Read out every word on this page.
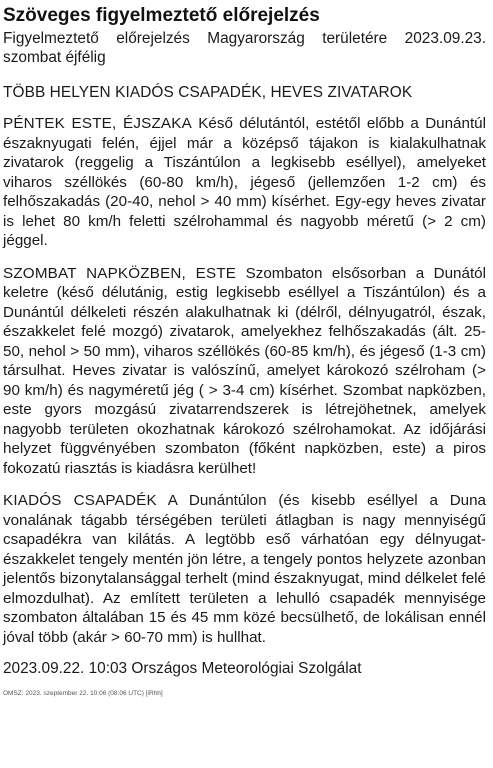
Szöveges figyelmeztető előrejelzés

Figyelmeztető előrejelzés Magyarország területére 2023.09.23. szombat éjfélig

TÖBB HELYEN KIADÓS CSAPADÉK, HEVES ZIVATAROK

PÉNTEK ESTE, ÉJSZAKA Késő délutántól, estétől előbb a Dunántúl északnyugati felén, éjjel már a középső tájakon is kialakulhatnak zivatarok (reggelig a Tiszántúlon a legkisebb eséllyel), amelyeket viharos széllökés (60-80 km/h), jégeső (jellemzően 1-2 cm) és felhőszakadás (20-40, nehol > 40 mm) kísérhet. Egy-egy heves zivatar is lehet 80 km/h feletti szélrohammal és nagyobb méretű (> 2 cm) jéggel.

SZOMBAT NAPKÖZBEN, ESTE Szombaton elsősorban a Dunától keletre (késő délutánig, estig legkisebb eséllyel a Tiszántúlon) és a Dunántúl délkeleti részén alakulhatnak ki (délről, délnyugatról, észak, északkelet felé mozgó) zivatarok, amelyekhez felhőszakadás (ált. 25-50, nehol > 50 mm), viharos széllökés (60-85 km/h), és jégeső (1-3 cm) társulhat. Heves zivatar is valószínű, amelyet károkozó szélroham (> 90 km/h) és nagyméretű jég ( > 3-4 cm) kísérhet. Szombat napközben, este gyors mozgású zivatarrendszerek is létrejöhetnek, amelyek nagyobb területen okozhatnak károkozó szélrohamokat. Az időjárási helyzet függvényében szombaton (főként napközben, este) a piros fokozatú riasztás is kiadásra kerülhet!

KIADÓS CSAPADÉK A Dunántúlon (és kisebb eséllyel a Duna vonalának tágabb térségében területi átlagban is nagy mennyiségű csapadékra van kilátás. A legtöbb eső várhatóan egy délnyugat-északkelet tengely mentén jön létre, a tengely pontos helyzete azonban jelentős bizonytalansággal terhelt (mind északnyugat, mind délkelet felé elmozdulhat). Az említett területen a lehulló csapadék mennyisége szombaton általában 15 és 45 mm közé becsülhető, de lokálisan ennél jóval több (akár > 60-70 mm) is hullhat.

2023.09.22. 10:03 Országos Meteorológiai Szolgálat

OMSZ: 2023. szeptember 22. 10:06 (08:06 UTC) [iRhh]
